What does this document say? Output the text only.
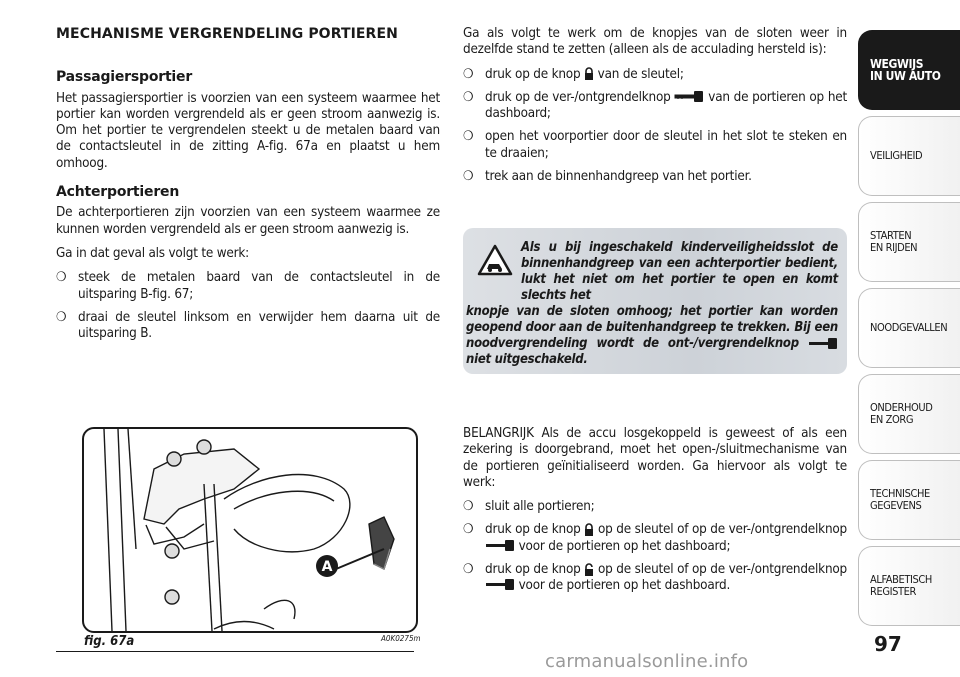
MECHANISME VERGRENDELING PORTIEREN
Passagiersportier

Het passagiersportier is voorzien van een systeem waarmee het portier kan worden vergrendeld als er geen stroom aanwezig is. Om het portier te vergrendelen steekt u de metalen baard van de contactsleutel in de zitting A-fig. 67a en plaatst u hem omhoog.

Achterportieren

De achterportieren zijn voorzien van een systeem waarmee ze kunnen worden vergrendeld als er geen stroom aanwezig is.

Ga in dat geval als volgt te werk:

❍ steek de metalen baard van de contactsleutel in de uitsparing B-fig. 67;
❍ draai de sleutel linksom en verwijder hem daarna uit de uitsparing B.
A
fig. 67a	A0K0275m

Ga als volgt te werk om de knopjes van de sloten weer in dezelfde stand te zetten (alleen als de acculading hersteld is):

❍ druk op de knop van de sleutel;
❍ druk op de ver-/ontgrendelknop	van de portieren op het dashboard;
❍ open het voorportier door de sleutel in het slot te steken en te draaien;
❍ trek aan de binnenhandgreep van het portier.
Als u bij ingeschakeld kinderveiligheidsslot de binnenhandgreep van een achterportier bedient, lukt het niet om het portier te open en komt slechts het
knopje van de sloten omhoog; het portier kan worden geopend door aan de buitenhandgreep te trekken. Bij een noodvergrendeling wordt de ont-/vergrendelknop  niet uitgeschakeld.

BELANGRIJK Als de accu losgekoppeld is geweest of als een zekering is doorgebrand, moet het open-/sluitmechanisme van de portieren geïnitialiseerd worden. Ga hiervoor als volgt te werk:

❍ sluit alle portieren;
❍ druk op de knop op de sleutel of op de ver-/ontgrendelknop  voor de portieren op het dashboard;
❍ druk op de knop op de sleutel of op de ver-/ontgrendelknop  voor de portieren op het dashboard.
WEGWIJS
IN UW AUTO
VEILIGHEID
STARTEN
EN RIJDEN
NOODGEVALLEN
ONDERHOUD
EN ZORG
TECHNISCHE
GEGEVENS
ALFABETISCH
REGISTER
97
carmanualsonline.info
